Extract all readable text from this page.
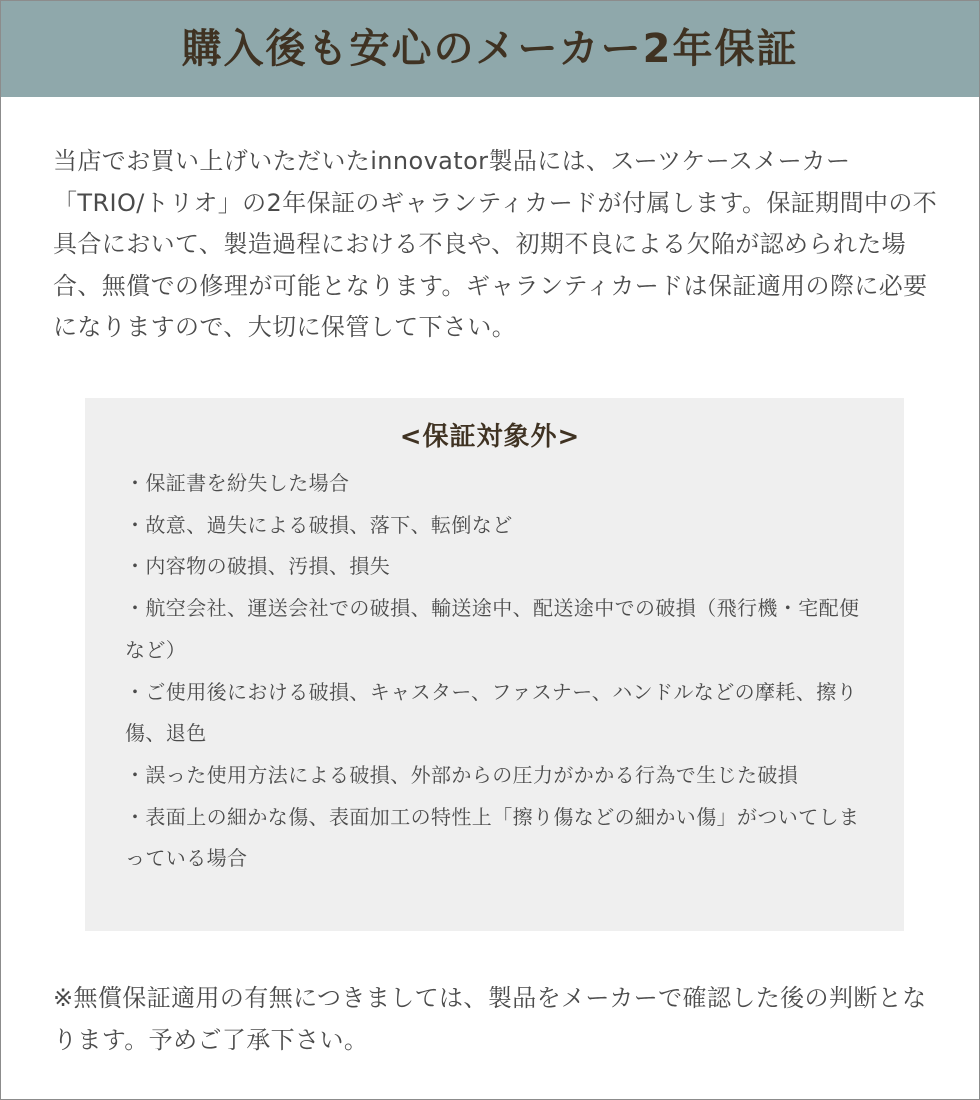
購入後も安心のメーカー2年保証
当店でお買い上げいただいたinnovator製品には、スーツケースメーカー「TRIO/トリオ」の2年保証のギャランティカードが付属します。保証期間中の不具合において、製造過程における不良や、初期不良による欠陥が認められた場合、無償での修理が可能となります。ギャランティカードは保証適用の際に必要になりますので、大切に保管して下さい。
<保証対象外>
・保証書を紛失した場合
・故意、過失による破損、落下、転倒など
・内容物の破損、汚損、損失
・航空会社、運送会社での破損、輸送途中、配送途中での破損（飛行機・宅配便など）
・ご使用後における破損、キャスター、ファスナー、ハンドルなどの摩耗、擦り傷、退色
・誤った使用方法による破損、外部からの圧力がかかる行為で生じた破損
・表面上の細かな傷、表面加工の特性上「擦り傷などの細かい傷」がついてしまっている場合
※無償保証適用の有無につきましては、製品をメーカーで確認した後の判断となります。予めご了承下さい。
